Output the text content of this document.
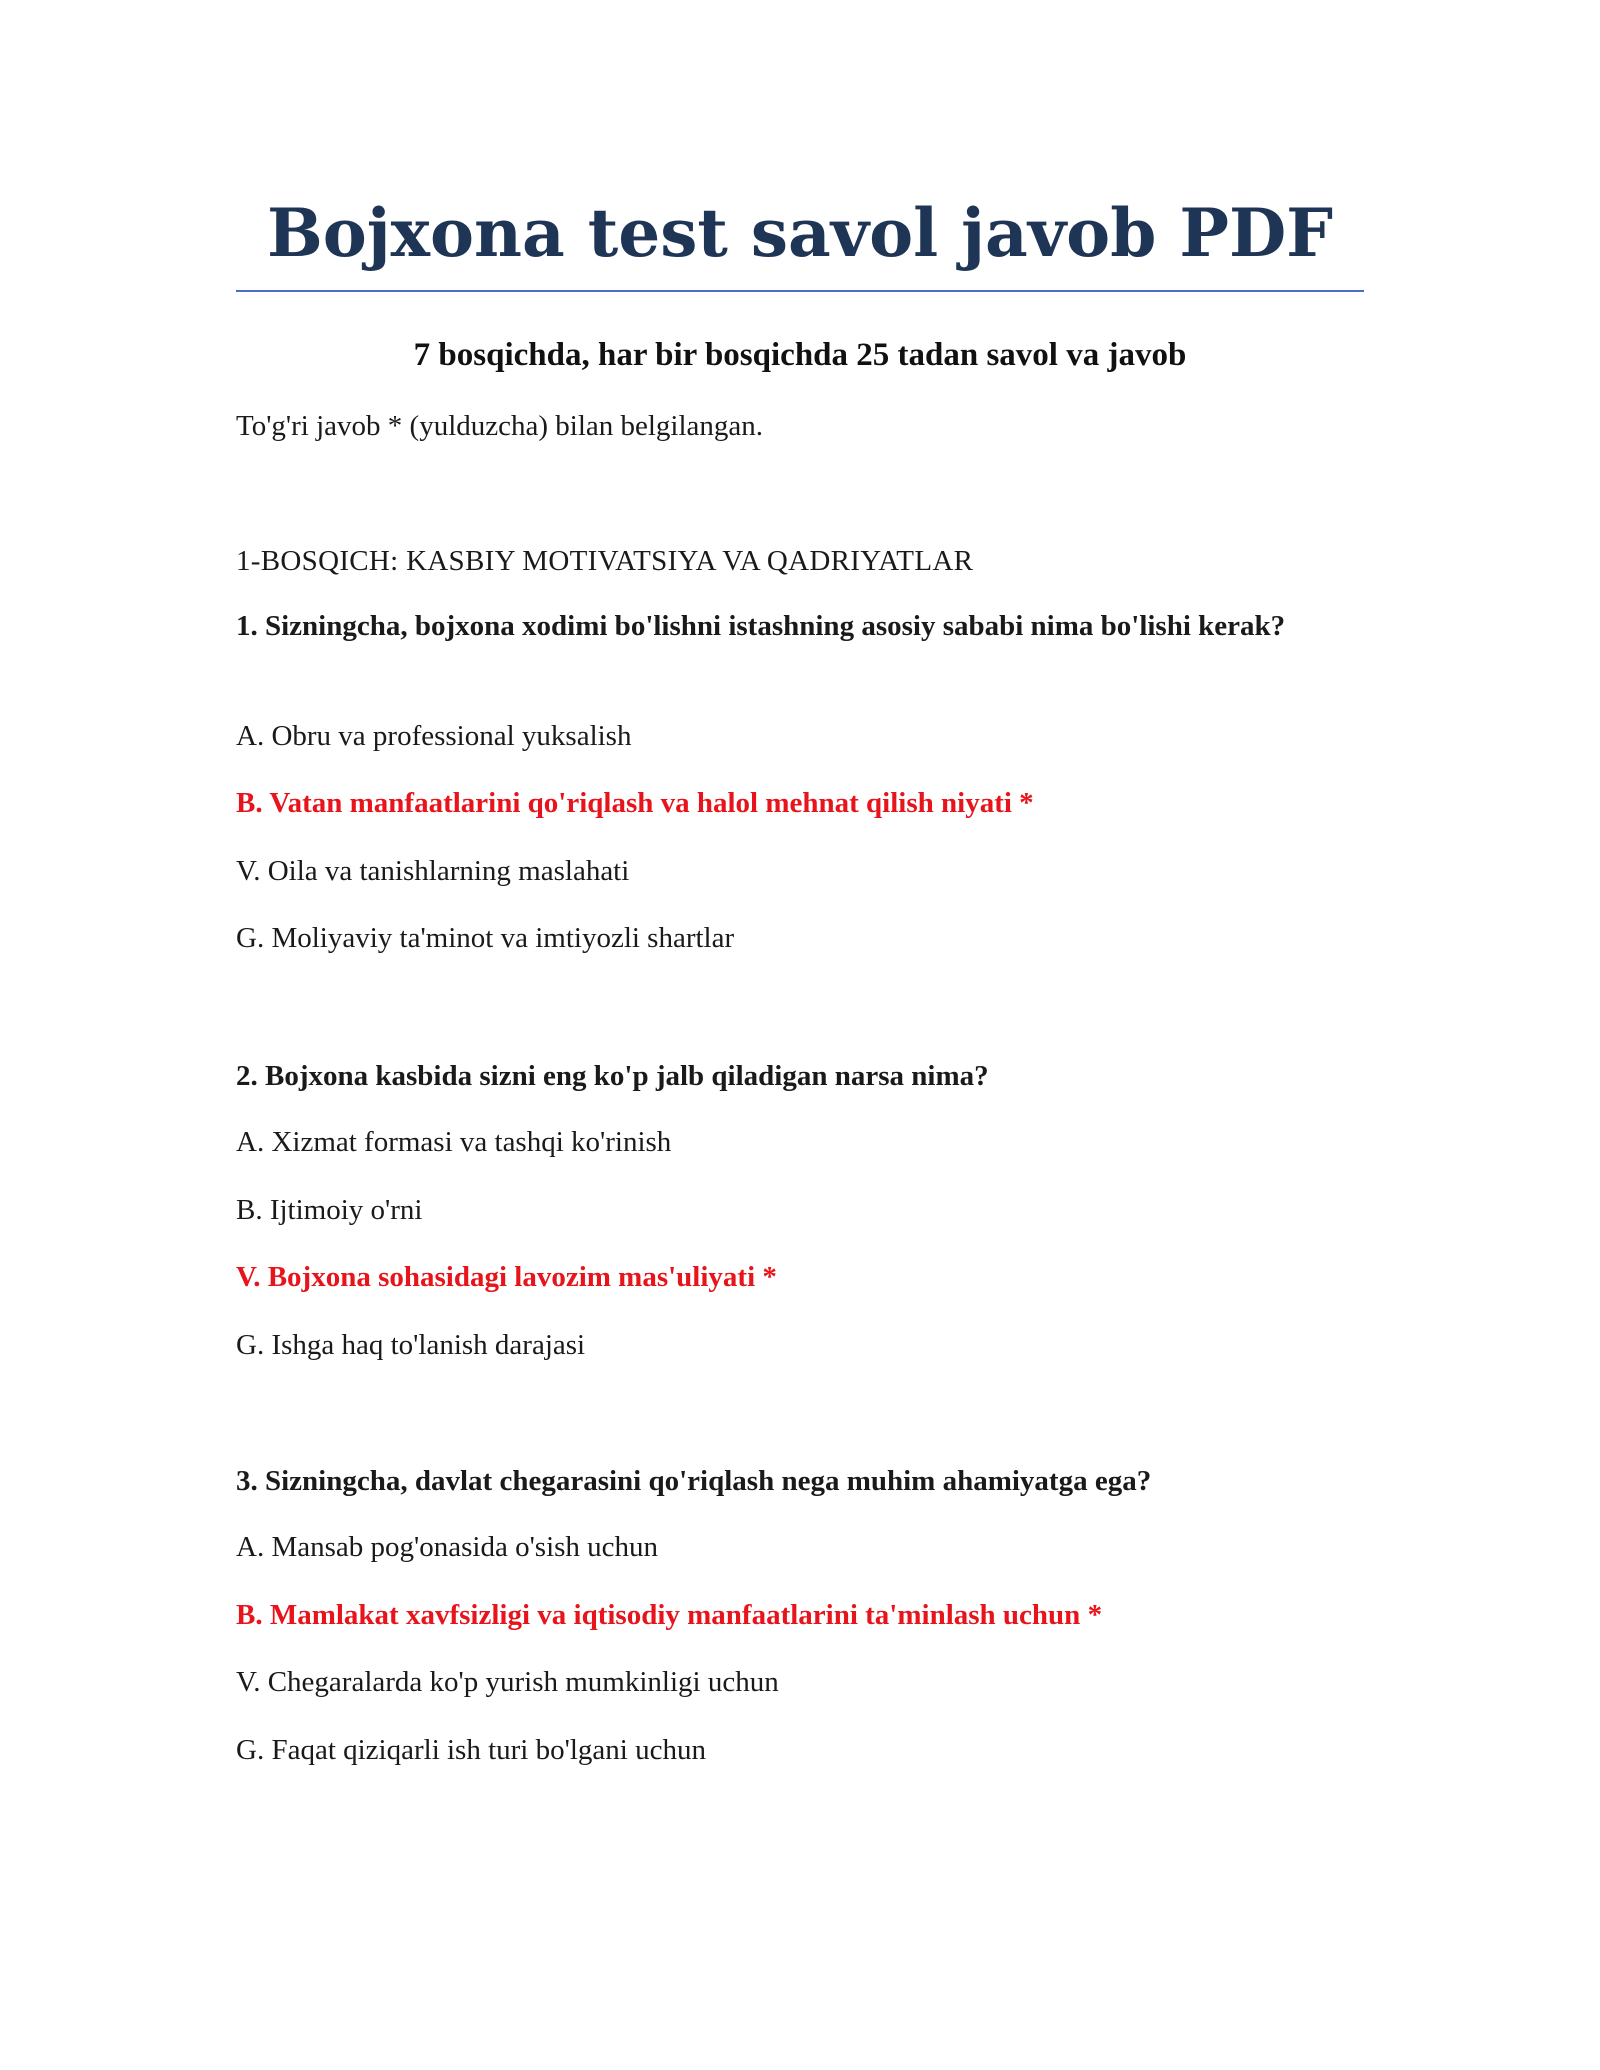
Bojxona test savol javob PDF
7 bosqichda, har bir bosqichda 25 tadan savol va javob

To'g'ri javob * (yulduzcha) bilan belgilangan.

1-BOSQICH: KASBIY MOTIVATSIYA VA QADRIYATLAR

1. Sizningcha, bojxona xodimi bo'lishni istashning asosiy sababi nima bo'lishi kerak?

A. Obru va professional yuksalish

B. Vatan manfaatlarini qo'riqlash va halol mehnat qilish niyati *

V. Oila va tanishlarning maslahati

G. Moliyaviy ta'minot va imtiyozli shartlar

2. Bojxona kasbida sizni eng ko'p jalb qiladigan narsa nima?

A. Xizmat formasi va tashqi ko'rinish

B. Ijtimoiy o'rni

V. Bojxona sohasidagi lavozim mas'uliyati *

G. Ishga haq to'lanish darajasi

3. Sizningcha, davlat chegarasini qo'riqlash nega muhim ahamiyatga ega?

A. Mansab pog'onasida o'sish uchun

B. Mamlakat xavfsizligi va iqtisodiy manfaatlarini ta'minlash uchun *

V. Chegaralarda ko'p yurish mumkinligi uchun

G. Faqat qiziqarli ish turi bo'lgani uchun
